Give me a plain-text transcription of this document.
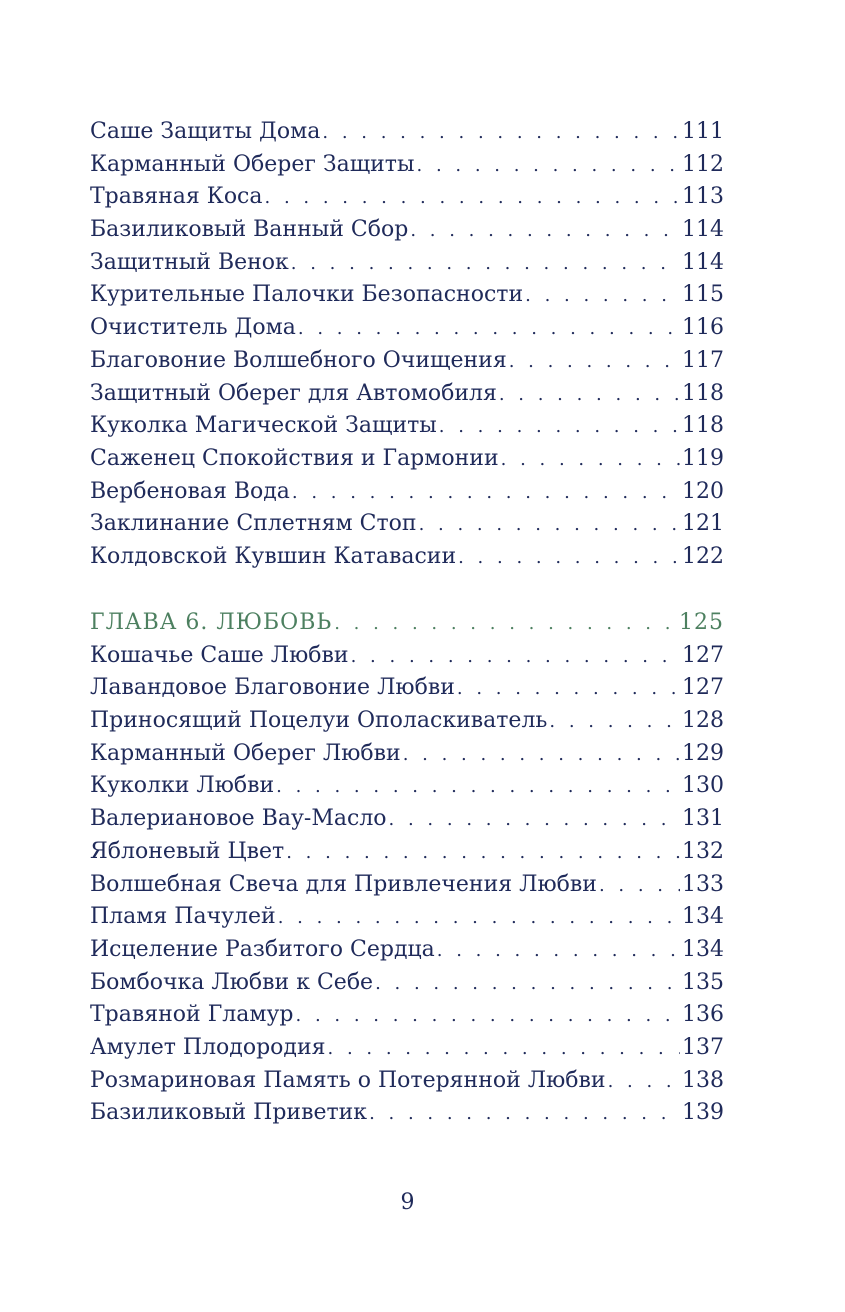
Саше Защиты Дома . . .	111
Карманный Оберег Защиты . . .	112
Травяная Коса . . .	113
Базиликовый Ванный Сбор . . .	114
Защитный Венок . . .	114
Курительные Палочки Безопасности . . .	115
Очиститель Дома . . .	116
Благовоние Волшебного Очищения . . .	117
Защитный Оберег для Автомобиля . . .	118
Куколка Магической Защиты . . .	118
Саженец Спокойствия и Гармонии . . .	119
Вербеновая Вода . . .	120
Заклинание Сплетням Стоп . . .	121
Колдовской Кувшин Катавасии . . .	122
ГЛАВА 6. ЛЮБОВЬ . . .	125
Кошачье Саше Любви . . .	127
Лавандовое Благовоние Любви . . .	127
Приносящий Поцелуи Ополаскиватель . . .	128
Карманный Оберег Любви . . .	129
Куколки Любви . . .	130
Валериановое Вау-Масло . . .	131
Яблоневый Цвет . . .	132
Волшебная Свеча для Привлечения Любви . . .	133
Пламя Пачулей . . .	134
Исцеление Разбитого Сердца . . .	134
Бомбочка Любви к Себе . . .	135
Травяной Гламур . . .	136
Амулет Плодородия . . .	137
Розмариновая Память о Потерянной Любви . . .	138
Базиликовый Приветик . . .	139
9
